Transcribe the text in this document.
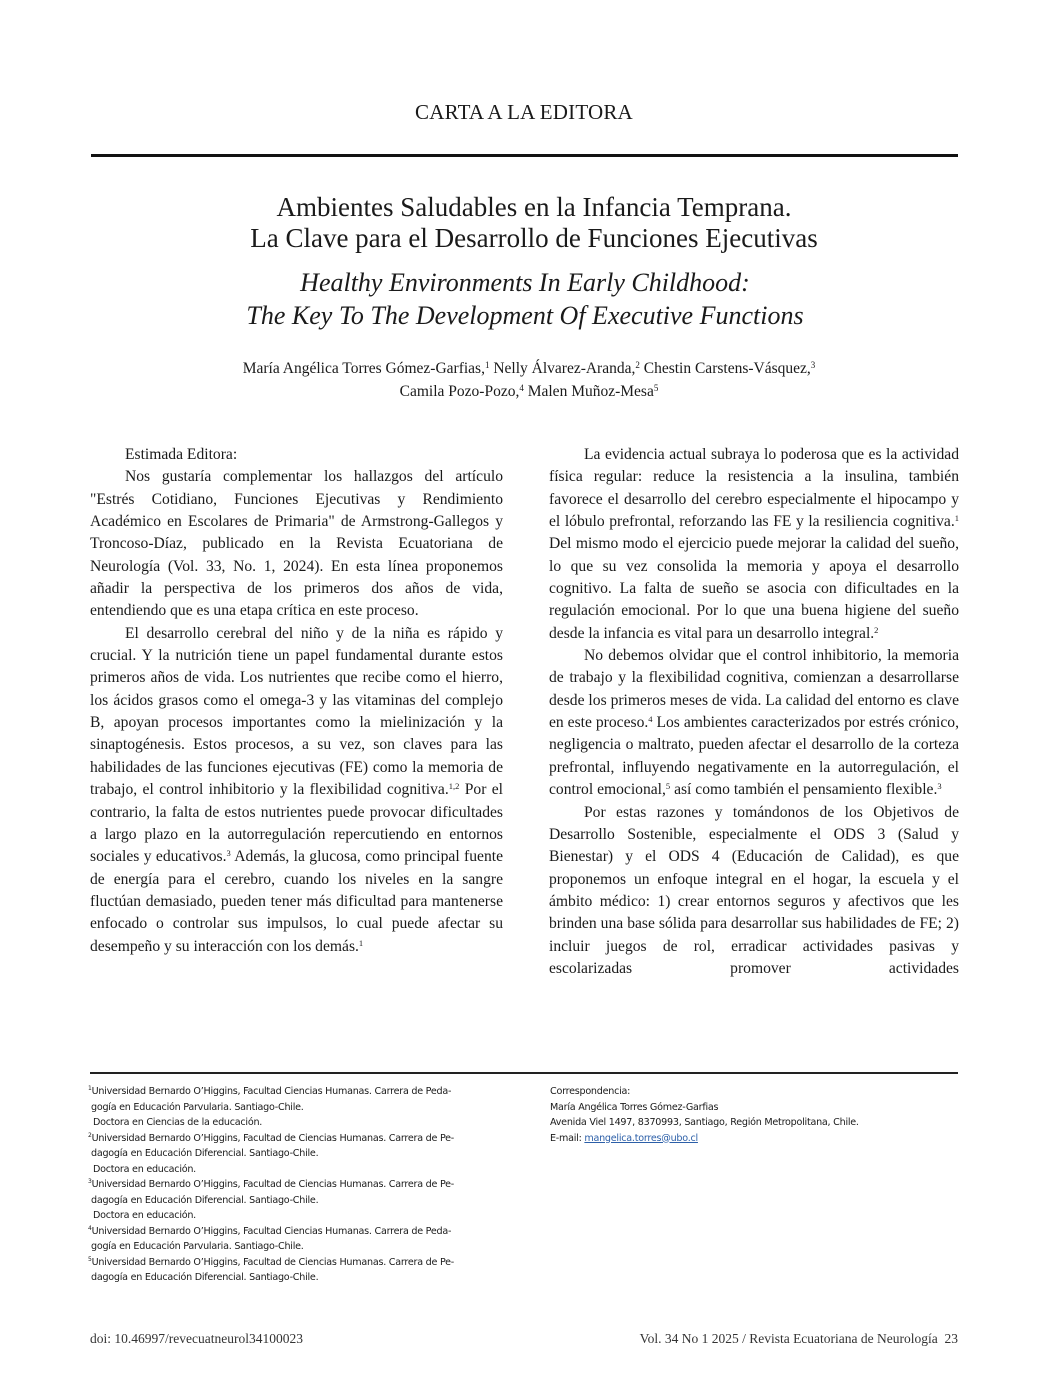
CARTA A LA EDITORA
Ambientes Saludables en la Infancia Temprana.
La Clave para el Desarrollo de Funciones Ejecutivas
Healthy Environments In Early Childhood:
The Key To The Development Of Executive Functions
María Angélica Torres Gómez-Garfias,$^1$ Nelly Álvarez-Aranda,$^2$ Chestin Carstens-Vásquez,$^3$
Camila Pozo-Pozo,$^4$ Malen Muñoz-Mesa$^5$

Estimada Editora:

Nos gustaría complementar los hallazgos del artículo "Estrés Cotidiano, Funciones Ejecutivas y Rendimiento Académico en Escolares de Primaria" de Armstrong-Gallegos y Troncoso-Díaz, publicado en la Revista Ecuatoriana de Neurología (Vol. 33, No. 1, 2024). En esta línea proponemos añadir la perspectiva de los primeros dos años de vida, entendiendo que es una etapa crítica en este proceso.

El desarrollo cerebral del niño y de la niña es rápido y crucial. Y la nutrición tiene un papel fundamental durante estos primeros años de vida. Los nutrientes que recibe como el hierro, los ácidos grasos como el omega-3 y las vitaminas del complejo B, apoyan procesos importantes como la mielinización y la sinaptogénesis. Estos procesos, a su vez, son claves para las habilidades de las funciones ejecutivas (FE) como la memoria de trabajo, el control inhibitorio y la flexibilidad cognitiva.$^{1,2}$ Por el contrario, la falta de estos nutrientes puede provocar dificultades a largo plazo en la autorregulación repercutiendo en entornos sociales y educativos.$^3$ Además, la glucosa, como principal fuente de energía para el cerebro, cuando los niveles en la sangre fluctúan demasiado, pueden tener más dificultad para mantenerse enfocado o controlar sus impulsos, lo cual puede afectar su desempeño y su interacción con los demás.$^1$

La evidencia actual subraya lo poderosa que es la actividad física regular: reduce la resistencia a la insulina, también favorece el desarrollo del cerebro especialmente el hipocampo y el lóbulo prefrontal, reforzando las FE y la resiliencia cognitiva.$^1$ Del mismo modo el ejercicio puede mejorar la calidad del sueño, lo que su vez consolida la memoria y apoya el desarrollo cognitivo. La falta de sueño se asocia con dificultades en la regulación emocional. Por lo que una buena higiene del sueño desde la infancia es vital para un desarrollo integral.$^2$

No debemos olvidar que el control inhibitorio, la memoria de trabajo y la flexibilidad cognitiva, comienzan a desarrollarse desde los primeros meses de vida. La calidad del entorno es clave en este proceso.$^4$ Los ambientes caracterizados por estrés crónico, negligencia o maltrato, pueden afectar el desarrollo de la corteza prefrontal, influyendo negativamente en la autorregulación, el control emocional,$^5$ así como también el pensamiento flexible.$^3$

Por estas razones y tomándonos de los Objetivos de Desarrollo Sostenible, especialmente el ODS 3 (Salud y Bienestar) y el ODS 4 (Educación de Calidad), es que proponemos un enfoque integral en el hogar, la escuela y el ámbito médico: 1) crear entornos seguros y afectivos que les brinden una base sólida para desarrollar sus habilidades de FE; 2) incluir juegos de rol, erradicar actividades pasivas y escolarizadas promover actividades

$^1$Universidad Bernardo O’Higgins, Facultad Ciencias Humanas. Carrera de Peda-
gogía en Educación Parvularia. Santiago-Chile.
Doctora en Ciencias de la educación.
$^2$Universidad Bernardo O’Higgins, Facultad de Ciencias Humanas. Carrera de Pe-
dagogía en Educación Diferencial. Santiago-Chile.
Doctora en educación.
$^3$Universidad Bernardo O’Higgins, Facultad de Ciencias Humanas. Carrera de Pe-
dagogía en Educación Diferencial. Santiago-Chile.
Doctora en educación.
$^4$Universidad Bernardo O’Higgins, Facultad Ciencias Humanas. Carrera de Peda-
gogía en Educación Parvularia. Santiago-Chile.
$^5$Universidad Bernardo O’Higgins, Facultad de Ciencias Humanas. Carrera de Pe-
dagogía en Educación Diferencial. Santiago-Chile.
Correspondencia:
María Angélica Torres Gómez-Garfias
Avenida Viel 1497, 8370993, Santiago, Región Metropolitana, Chile.
E-mail: mangelica.torres@ubo.cl
doi: 10.46997/revecuatneurol34100023	Vol. 34 No 1 2025 / Revista Ecuatoriana de Neurología 23
